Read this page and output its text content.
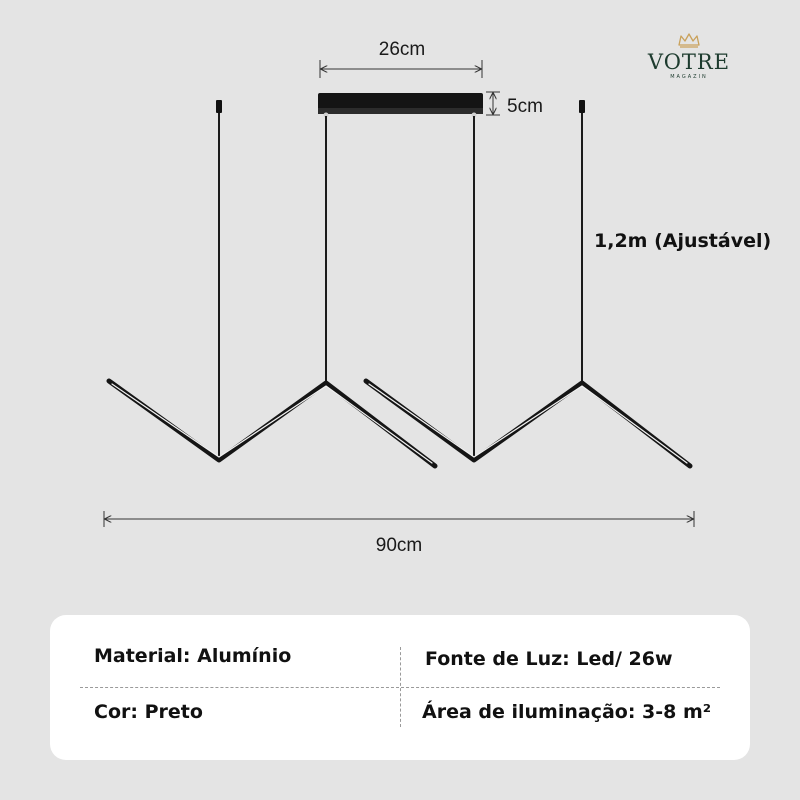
26cm
5cm
90cm
1,2m (Ajustável)
VOTRE
MAGAZIN
Material: Alumínio	Fonte de Luz: Led/ 26w
Cor: Preto	Área de iluminação: 3-8 m²
